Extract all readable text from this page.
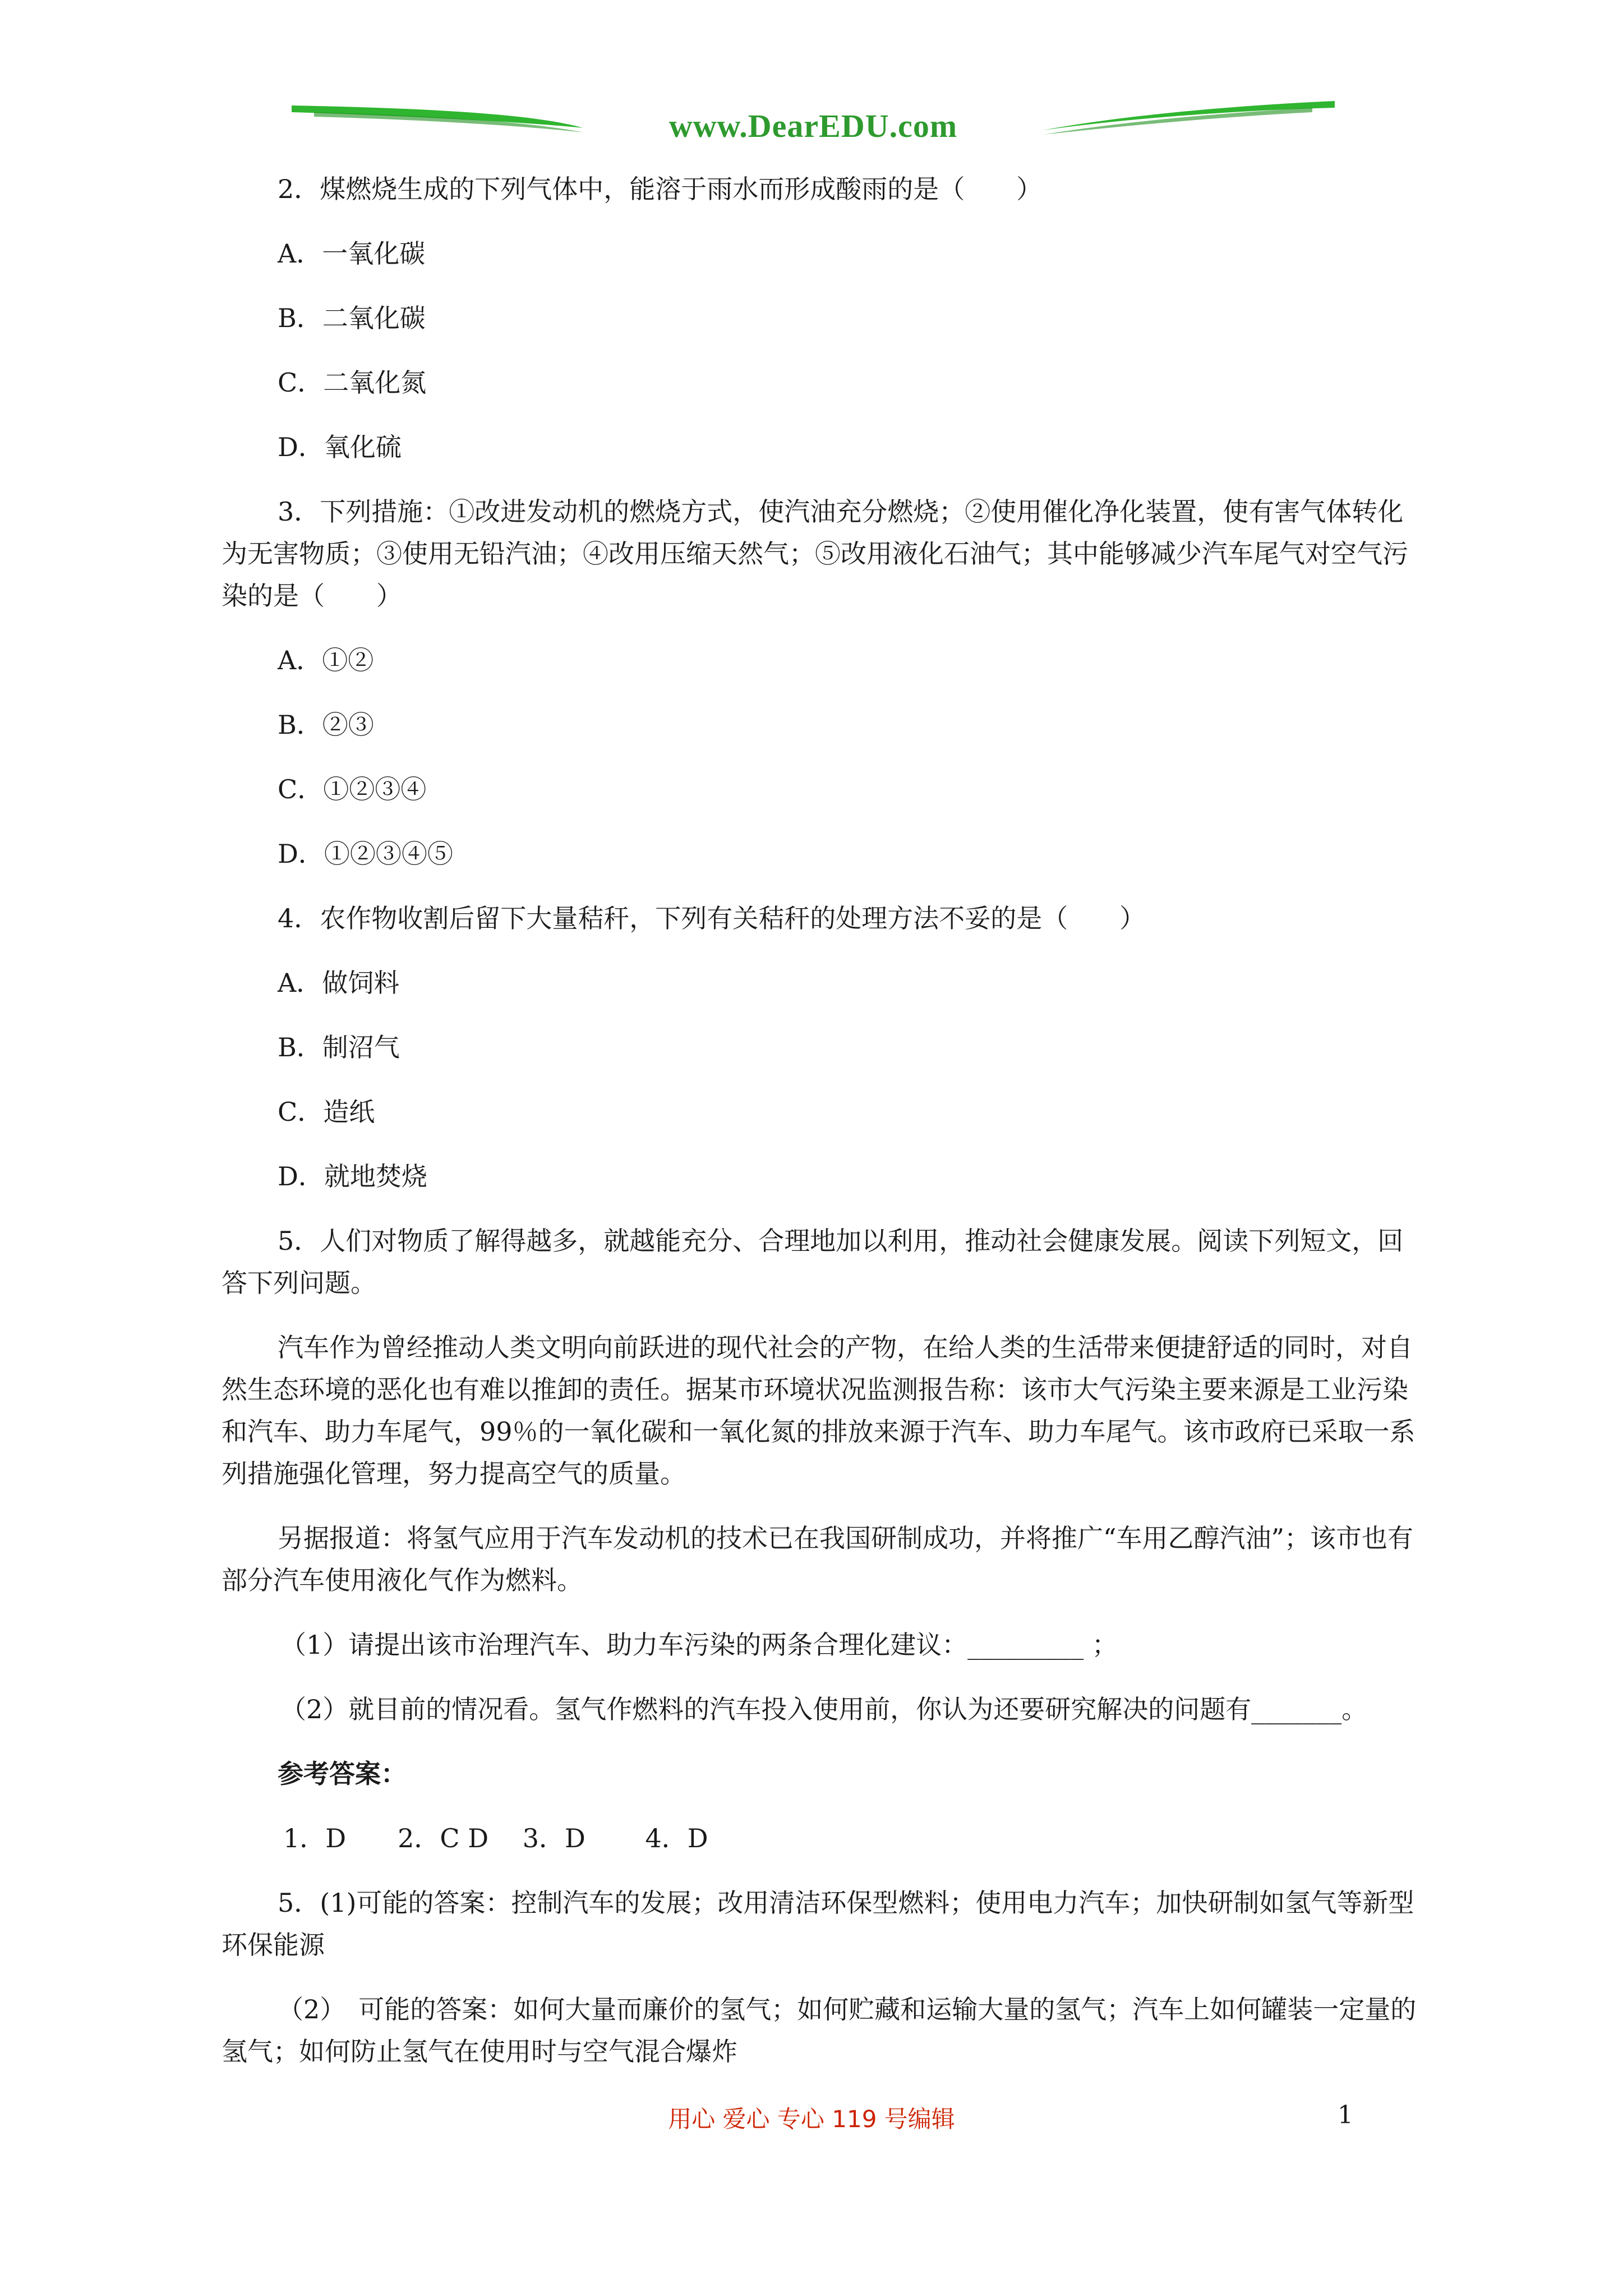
www.DearEDU.com

2．煤燃烧生成的下列气体中，能溶于雨水而形成酸雨的是（　　）

A．一氧化碳

B．二氧化碳

C．二氧化氮

D．氧化硫

3．下列措施：①改进发动机的燃烧方式，使汽油充分燃烧；②使用催化净化装置，使有害气体转化为无害物质；③使用无铅汽油；④改用压缩天然气；⑤改用液化石油气；其中能够减少汽车尾气对空气污染的是（　　）

A．①②

B．②③

C．①②③④

D．①②③④⑤

4．农作物收割后留下大量秸秆，下列有关秸秆的处理方法不妥的是（　　）

A．做饲料

B．制沼气

C．造纸

D．就地焚烧

5．人们对物质了解得越多，就越能充分、合理地加以利用，推动社会健康发展。阅读下列短文，回答下列问题。

汽车作为曾经推动人类文明向前跃进的现代社会的产物，在给人类的生活带来便捷舒适的同时，对自然生态环境的恶化也有难以推卸的责任。据某市环境状况监测报告称：该市大气污染主要来源是工业污染和汽车、助力车尾气，99％的一氧化碳和一氧化氮的排放来源于汽车、助力车尾气。该市政府已采取一系列措施强化管理，努力提高空气的质量。

另据报道：将氢气应用于汽车发动机的技术已在我国研制成功，并将推广“车用乙醇汽油”；该市也有部分汽车使用液化气作为燃料。

（1）请提出该市治理汽车、助力车污染的两条合理化建议：_________ ；

（2）就目前的情况看。氢气作燃料的汽车投入使用前，你认为还要研究解决的问题有_______。

参考答案：

1．D　　2．C D　 3．D　　 4．D

5．(1)可能的答案：控制汽车的发展；改用清洁环保型燃料；使用电力汽车；加快研制如氢气等新型环保能源

（2）　可能的答案：如何大量而廉价的氢气；如何贮藏和运输大量的氢气；汽车上如何罐装一定量的氢气；如何防止氢气在使用时与空气混合爆炸

用心 爱心 专心 119 号编辑	1
